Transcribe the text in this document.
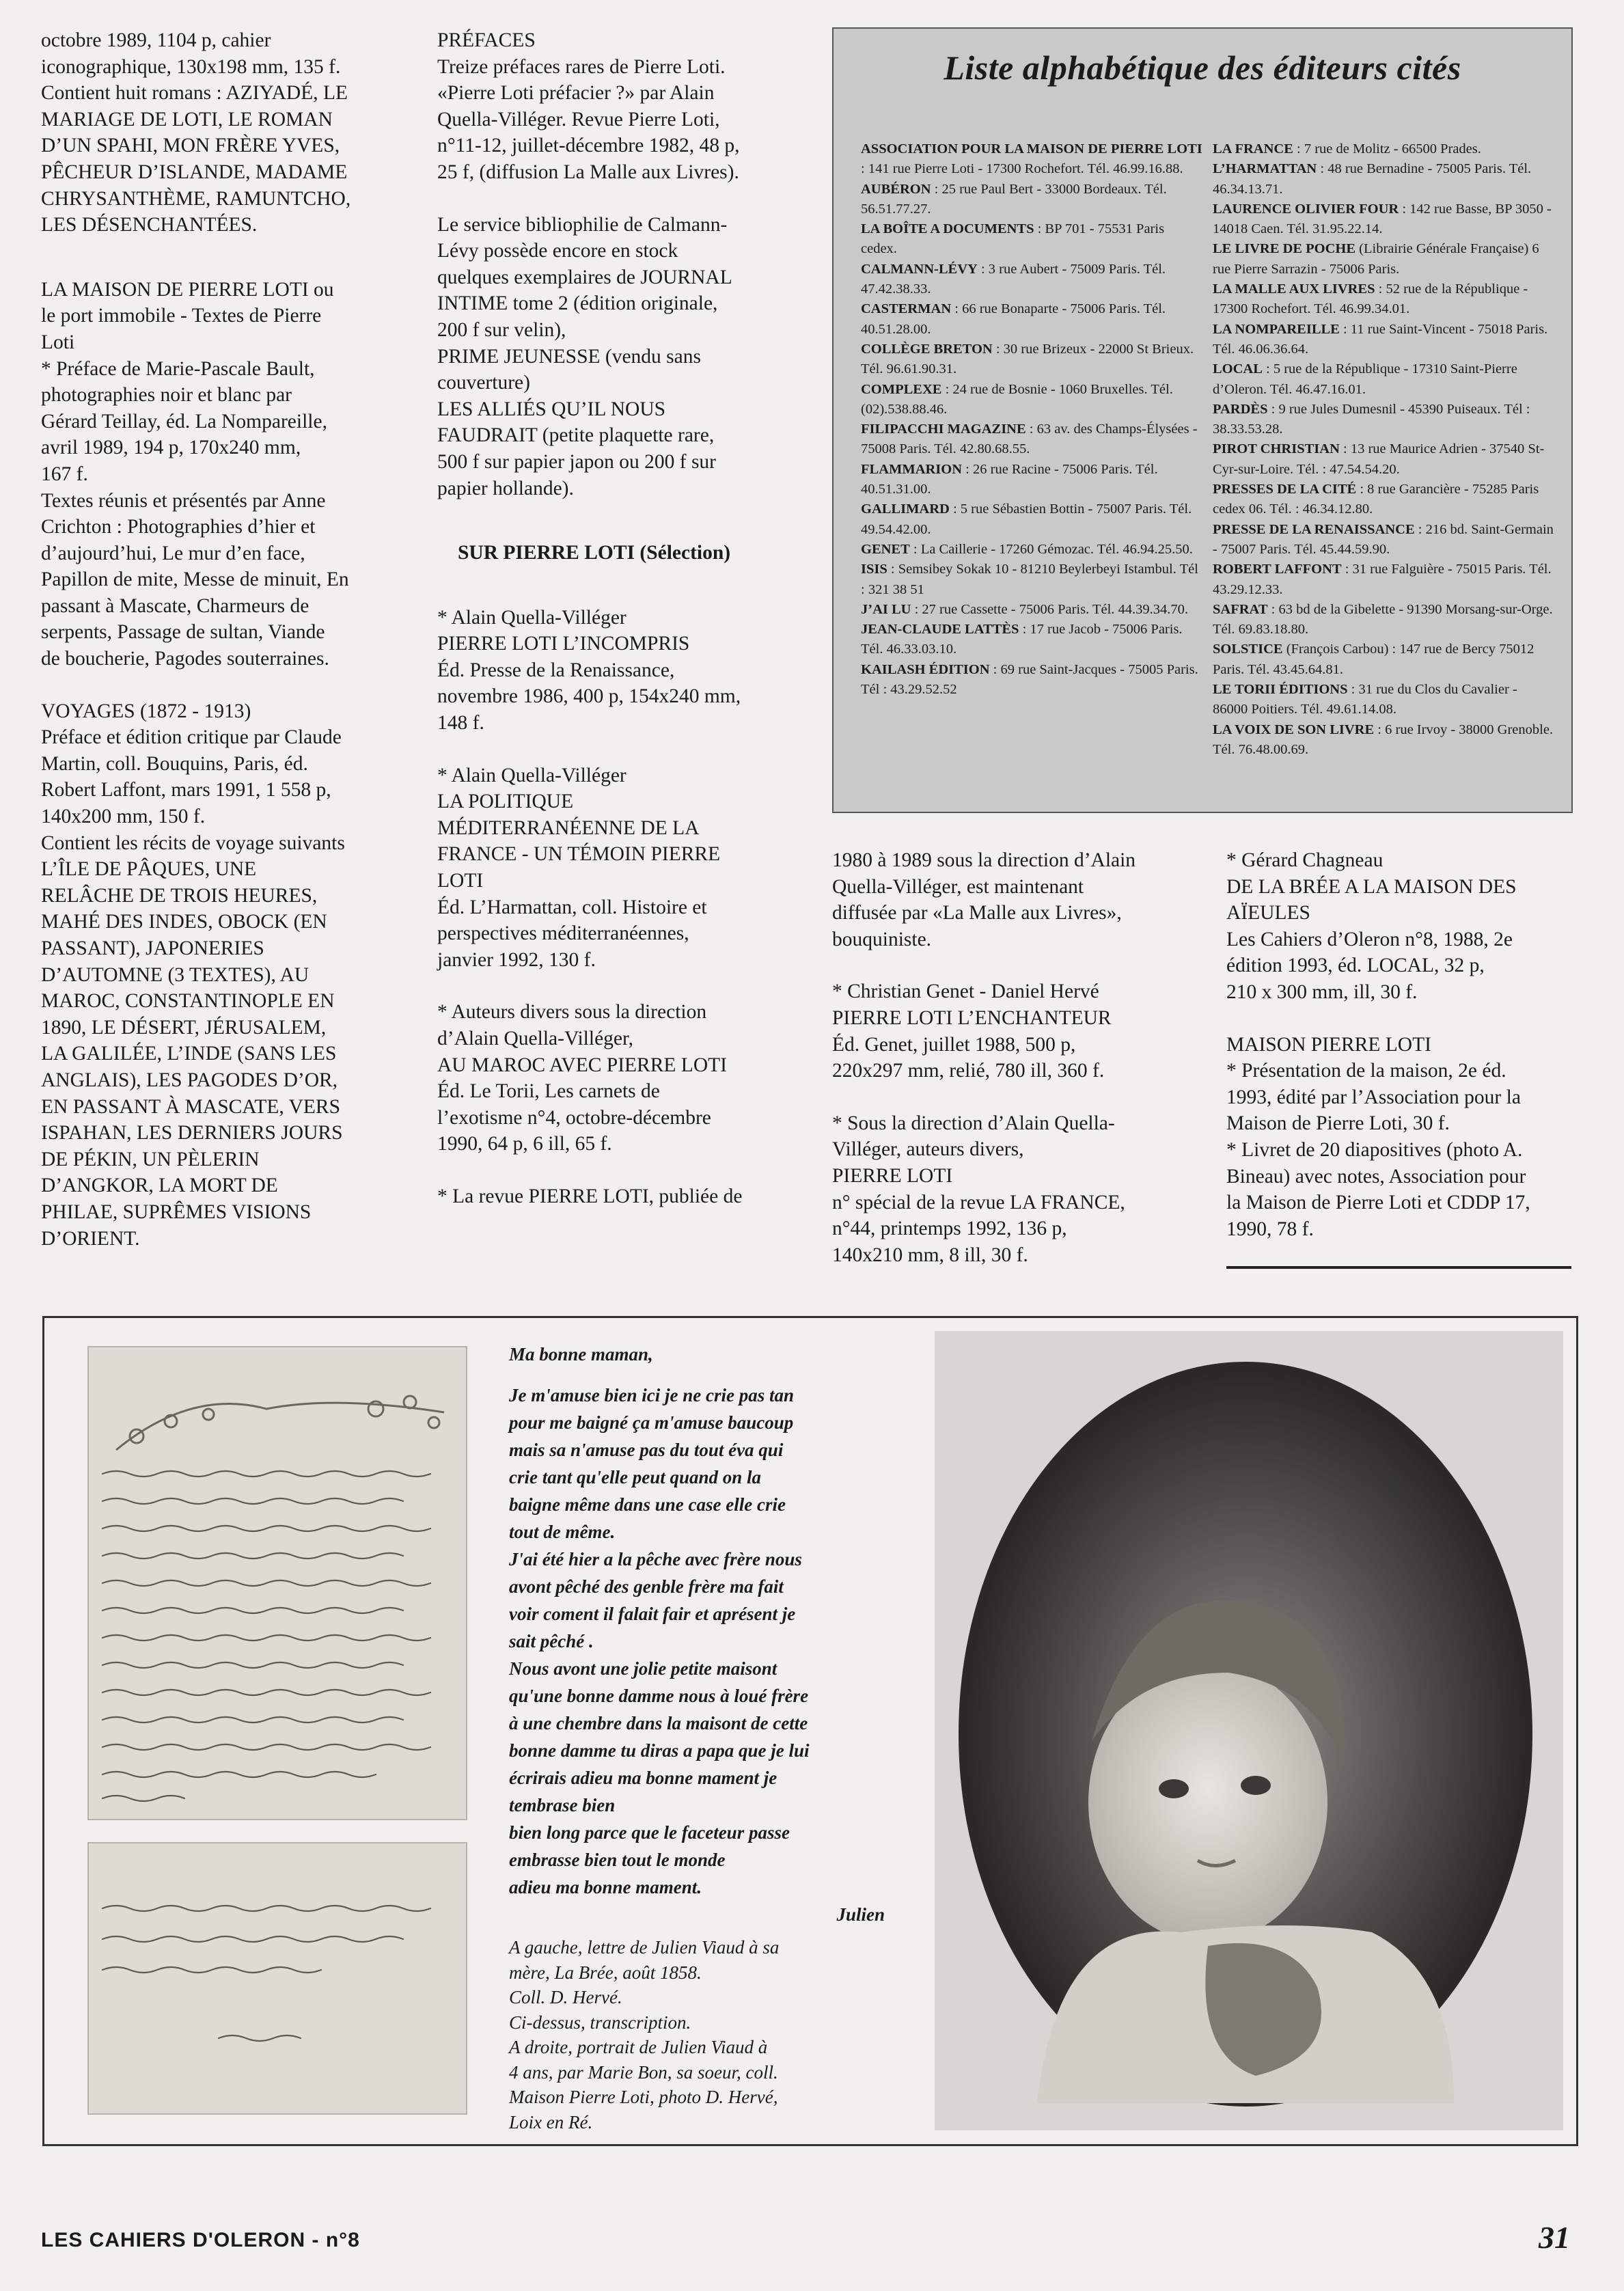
octobre 1989, 1104 p, cahier

iconographique, 130x198 mm, 135 f.

Contient huit romans : AZIYADÉ, LE

MARIAGE DE LOTI, LE ROMAN

D’UN SPAHI, MON FRÈRE YVES,

PÊCHEUR D’ISLANDE, MADAME

CHRYSANTHÈME, RAMUNTCHO,

LES DÉSENCHANTÉES.

LA MAISON DE PIERRE LOTI ou

le port immobile - Textes de Pierre

Loti

* Préface de Marie-Pascale Bault,

photographies noir et blanc par

Gérard Teillay, éd. La Nompareille,

avril 1989, 194 p, 170x240 mm,

167 f.

Textes réunis et présentés par Anne

Crichton : Photographies d’hier et

d’aujourd’hui, Le mur d’en face,

Papillon de mite, Messe de minuit, En

passant à Mascate, Charmeurs de

serpents, Passage de sultan, Viande

de boucherie, Pagodes souterraines.

VOYAGES (1872 - 1913)

Préface et édition critique par Claude

Martin, coll. Bouquins, Paris, éd.

Robert Laffont, mars 1991, 1 558 p,

140x200 mm, 150 f.

Contient les récits de voyage suivants

L’ÎLE DE PÂQUES, UNE

RELÂCHE DE TROIS HEURES,

MAHÉ DES INDES, OBOCK (EN

PASSANT), JAPONERIES

D’AUTOMNE (3 TEXTES), AU

MAROC, CONSTANTINOPLE EN

1890, LE DÉSERT, JÉRUSALEM,

LA GALILÉE, L’INDE (SANS LES

ANGLAIS), LES PAGODES D’OR,

EN PASSANT À MASCATE, VERS

ISPAHAN, LES DERNIERS JOURS

DE PÉKIN, UN PÈLERIN

D’ANGKOR, LA MORT DE

PHILAE, SUPRÊMES VISIONS

D’ORIENT.

PRÉFACES

Treize préfaces rares de Pierre Loti.

«Pierre Loti préfacier ?» par Alain

Quella-Villéger. Revue Pierre Loti,

n°11-12, juillet-décembre 1982, 48 p,

25 f, (diffusion La Malle aux Livres).

Le service bibliophilie de Calmann-

Lévy possède encore en stock

quelques exemplaires de JOURNAL

INTIME tome 2 (édition originale,

200 f sur velin),

PRIME JEUNESSE (vendu sans

couverture)

LES ALLIÉS QU’IL NOUS

FAUDRAIT (petite plaquette rare,

500 f sur papier japon ou 200 f sur

papier hollande).

SUR PIERRE LOTI (Sélection)

* Alain Quella-Villéger

PIERRE LOTI L’INCOMPRIS

Éd. Presse de la Renaissance,

novembre 1986, 400 p, 154x240 mm,

148 f.

* Alain Quella-Villéger

LA POLITIQUE

MÉDITERRANÉENNE DE LA

FRANCE - UN TÉMOIN PIERRE

LOTI

Éd. L’Harmattan, coll. Histoire et

perspectives méditerranéennes,

janvier 1992, 130 f.

* Auteurs divers sous la direction

d’Alain Quella-Villéger,

AU MAROC AVEC PIERRE LOTI

Éd. Le Torii, Les carnets de

l’exotisme n°4, octobre-décembre

1990, 64 p, 6 ill, 65 f.

* La revue PIERRE LOTI, publiée de

Liste alphabétique des éditeurs cités

ASSOCIATION POUR LA MAISON DE PIERRE LOTI : 141 rue Pierre Loti - 17300 Rochefort. Tél. 46.99.16.88.

AUBÉRON : 25 rue Paul Bert - 33000 Bordeaux. Tél. 56.51.77.27.

LA BOÎTE A DOCUMENTS : BP 701 - 75531 Paris cedex.

CALMANN-LÉVY : 3 rue Aubert - 75009 Paris. Tél. 47.42.38.33.

CASTERMAN : 66 rue Bonaparte - 75006 Paris. Tél. 40.51.28.00.

COLLÈGE BRETON : 30 rue Brizeux - 22000 St Brieux. Tél. 96.61.90.31.

COMPLEXE : 24 rue de Bosnie - 1060 Bruxelles. Tél. (02).538.88.46.

FILIPACCHI MAGAZINE : 63 av. des Champs-Élysées - 75008 Paris. Tél. 42.80.68.55.

FLAMMARION : 26 rue Racine - 75006 Paris. Tél. 40.51.31.00.

GALLIMARD : 5 rue Sébastien Bottin - 75007 Paris. Tél. 49.54.42.00.

GENET : La Caillerie - 17260 Gémozac. Tél. 46.94.25.50.

ISIS : Semsibey Sokak 10 - 81210 Beylerbeyi Istambul. Tél : 321 38 51

J’AI LU : 27 rue Cassette - 75006 Paris. Tél. 44.39.34.70.

JEAN-CLAUDE LATTÈS : 17 rue Jacob - 75006 Paris. Tél. 46.33.03.10.

KAILASH ÉDITION : 69 rue Saint-Jacques - 75005 Paris. Tél : 43.29.52.52

LA FRANCE : 7 rue de Molitz - 66500 Prades.

L’HARMATTAN : 48 rue Bernadine - 75005 Paris. Tél. 46.34.13.71.

LAURENCE OLIVIER FOUR : 142 rue Basse, BP 3050 - 14018 Caen. Tél. 31.95.22.14.

LE LIVRE DE POCHE (Librairie Générale Française) 6 rue Pierre Sarrazin - 75006 Paris.

LA MALLE AUX LIVRES : 52 rue de la République - 17300 Rochefort. Tél. 46.99.34.01.

LA NOMPAREILLE : 11 rue Saint-Vincent - 75018 Paris. Tél. 46.06.36.64.

LOCAL : 5 rue de la République - 17310 Saint-Pierre d’Oleron. Tél. 46.47.16.01.

PARDÈS : 9 rue Jules Dumesnil - 45390 Puiseaux. Tél : 38.33.53.28.

PIROT CHRISTIAN : 13 rue Maurice Adrien - 37540 St-Cyr-sur-Loire. Tél. : 47.54.54.20.

PRESSES DE LA CITÉ : 8 rue Garancière - 75285 Paris cedex 06. Tél. : 46.34.12.80.

PRESSE DE LA RENAISSANCE : 216 bd. Saint-Germain - 75007 Paris. Tél. 45.44.59.90.

ROBERT LAFFONT : 31 rue Falguière - 75015 Paris. Tél. 43.29.12.33.

SAFRAT : 63 bd de la Gibelette - 91390 Morsang-sur-Orge. Tél. 69.83.18.80.

SOLSTICE (François Carbou) : 147 rue de Bercy 75012 Paris. Tél. 43.45.64.81.

LE TORII ÉDITIONS : 31 rue du Clos du Cavalier - 86000 Poitiers. Tél. 49.61.14.08.

LA VOIX DE SON LIVRE : 6 rue Irvoy - 38000 Grenoble. Tél. 76.48.00.69.

1980 à 1989 sous la direction d’Alain

Quella-Villéger, est maintenant

diffusée par «La Malle aux Livres»,

bouquiniste.

* Christian Genet - Daniel Hervé

PIERRE LOTI L’ENCHANTEUR

Éd. Genet, juillet 1988, 500 p,

220x297 mm, relié, 780 ill, 360 f.

* Sous la direction d’Alain Quella-

Villéger, auteurs divers,

PIERRE LOTI

n° spécial de la revue LA FRANCE,

n°44, printemps 1992, 136 p,

140x210 mm, 8 ill, 30 f.

* Gérard Chagneau

DE LA BRÉE A LA MAISON DES

AÏEULES

Les Cahiers d’Oleron n°8, 1988, 2e

édition 1993, éd. LOCAL, 32 p,

210 x 300 mm, ill, 30 f.

MAISON PIERRE LOTI

* Présentation de la maison, 2e éd.

1993, édité par l’Association pour la

Maison de Pierre Loti, 30 f.

* Livret de 20 diapositives (photo A.

Bineau) avec notes, Association pour

la Maison de Pierre Loti et CDDP 17,

1990, 78 f.

Ma bonne maman,

Je m'amuse bien ici je ne crie pas tan

pour me baigné ça m'amuse baucoup

mais sa n'amuse pas du tout éva qui

crie tant qu'elle peut quand on la

baigne même dans une case elle crie

tout de même.

J'ai été hier a la pêche avec frère nous

avont pêché des genble frère ma fait

voir coment il falait fair et aprésent je

sait pêché .

Nous avont une jolie petite maisont

qu'une bonne damme nous à loué frère

à une chembre dans la maisont de cette

bonne damme tu diras a papa que je lui

écrirais adieu ma bonne mament je

tembrase bien

bien long parce que le faceteur passe

embrasse bien tout le monde

adieu ma bonne mament.

Julien

A gauche, lettre de Julien Viaud à sa

mère, La Brée, août 1858.

Coll. D. Hervé.

Ci-dessus, transcription.

A droite, portrait de Julien Viaud à

4 ans, par Marie Bon, sa soeur, coll.

Maison Pierre Loti, photo D. Hervé,

Loix en Ré.

LES CAHIERS D'OLERON - n°8	31
